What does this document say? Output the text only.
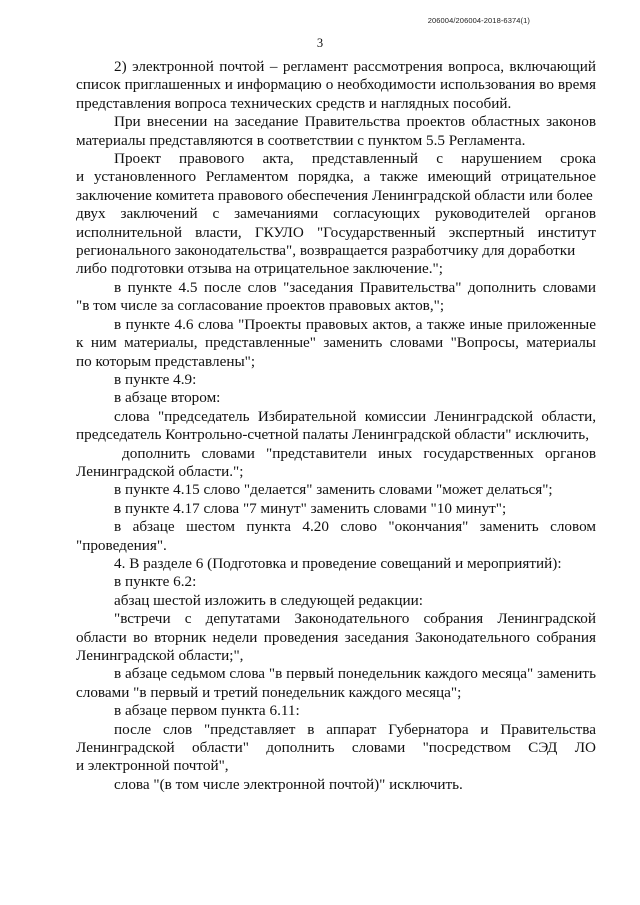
206004/206004-2018-6374(1)
3
2) электронной почтой – регламент рассмотрения вопроса, включающий
список приглашенных и информацию о необходимости использования во время
представления вопроса технических средств и наглядных пособий.
При внесении на заседание Правительства проектов областных законов
материалы представляются в соответствии с пунктом 5.5 Регламента.
Проект правового акта, представленный с нарушением срока
и установленного Регламентом порядка, а также имеющий отрицательное
заключение комитета правового обеспечения Ленинградской области или более
двух заключений с замечаниями согласующих руководителей органов
исполнительной власти, ГКУЛО "Государственный экспертный институт
регионального законодательства", возвращается разработчику для доработки
либо подготовки отзыва на отрицательное заключение.";
в пункте 4.5 после слов "заседания Правительства" дополнить словами
"в том числе за согласование проектов правовых актов,";
в пункте 4.6 слова "Проекты правовых актов, а также иные приложенные
к ним материалы, представленные" заменить словами "Вопросы, материалы
по которым представлены";
в пункте 4.9:
в абзаце втором:
слова "председатель Избирательной комиссии Ленинградской области,
председатель Контрольно-счетной палаты Ленинградской области" исключить,
дополнить словами "представители иных государственных органов
Ленинградской области.";
в пункте 4.15 слово "делается" заменить словами "может делаться";
в пункте 4.17 слова "7 минут" заменить словами "10 минут";
в абзаце шестом пункта 4.20 слово "окончания" заменить словом
"проведения".
4. В разделе 6 (Подготовка и проведение совещаний и мероприятий):
в пункте 6.2:
абзац шестой изложить в следующей редакции:
"встречи с депутатами Законодательного собрания Ленинградской
области во вторник недели проведения заседания Законодательного собрания
Ленинградской области;",
в абзаце седьмом слова "в первый понедельник каждого месяца" заменить
словами "в первый и третий понедельник каждого месяца";
в абзаце первом пункта 6.11:
после слов "представляет в аппарат Губернатора и Правительства
Ленинградской области" дополнить словами "посредством СЭД ЛО
и электронной почтой",
слова "(в том числе электронной почтой)" исключить.
